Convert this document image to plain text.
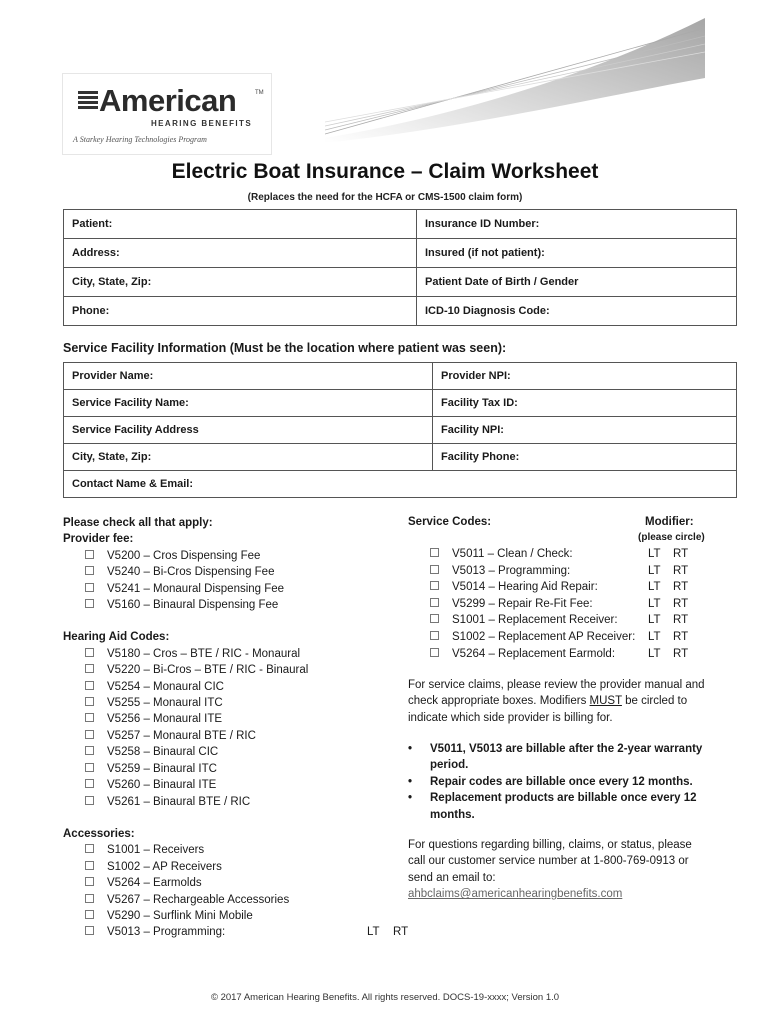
American	TM
HEARING BENEFITS
A Starkey Hearing Technologies Program
Electric Boat Insurance – Claim Worksheet
(Replaces the need for the HCFA or CMS-1500 claim form)
Patient:	Insurance ID Number:
Address:	Insured (if not patient):
City, State, Zip:	Patient Date of Birth / Gender
Phone:	ICD-10 Diagnosis Code:
Service Facility Information (Must be the location where patient was seen):
Provider Name:	Provider NPI:
Service Facility Name:	Facility Tax ID:
Service Facility Address	Facility NPI:
City, State, Zip:	Facility Phone:
Contact Name & Email:	
Please check all that apply:
Provider fee:
V5200 – Cros Dispensing Fee
V5240 – Bi-Cros Dispensing Fee
V5241 – Monaural Dispensing Fee
V5160 – Binaural Dispensing Fee
Hearing Aid Codes:
V5180 – Cros – BTE / RIC - Monaural
V5220 – Bi-Cros – BTE / RIC - Binaural
V5254 – Monaural CIC
V5255 – Monaural ITC
V5256 – Monaural ITE
V5257 – Monaural BTE / RIC
V5258 – Binaural CIC
V5259 – Binaural ITC
V5260 – Binaural ITE
V5261 – Binaural BTE / RIC
Accessories:
S1001 – Receivers
S1002 – AP Receivers
V5264 – Earmolds
V5267 – Rechargeable Accessories
V5290 – Surflink Mini Mobile
V5013 – Programming:	LT RT
Service Codes:	Modifier:
(please circle)
V5011 – Clean / Check:	LT RT
V5013 – Programming:	LT RT
V5014 – Hearing Aid Repair:	LT RT
V5299 – Repair Re-Fit Fee:	LT RT
S1001 – Replacement Receiver:	LT RT
S1002 – Replacement AP Receiver: LT RT
V5264 – Replacement Earmold:	LT RT
For service claims, please review the provider manual and check appropriate boxes. Modifiers MUST be circled to indicate which side provider is billing for.
• V5011, V5013 are billable after the 2-year warranty period.
• Repair codes are billable once every 12 months.
• Replacement products are billable once every 12 months.
For questions regarding billing, claims, or status, please call our customer service number at 1-800-769-0913 or send an email to:
ahbclaims@americanhearingbenefits.com
© 2017 American Hearing Benefits. All rights reserved. DOCS-19-xxxx; Version 1.0
